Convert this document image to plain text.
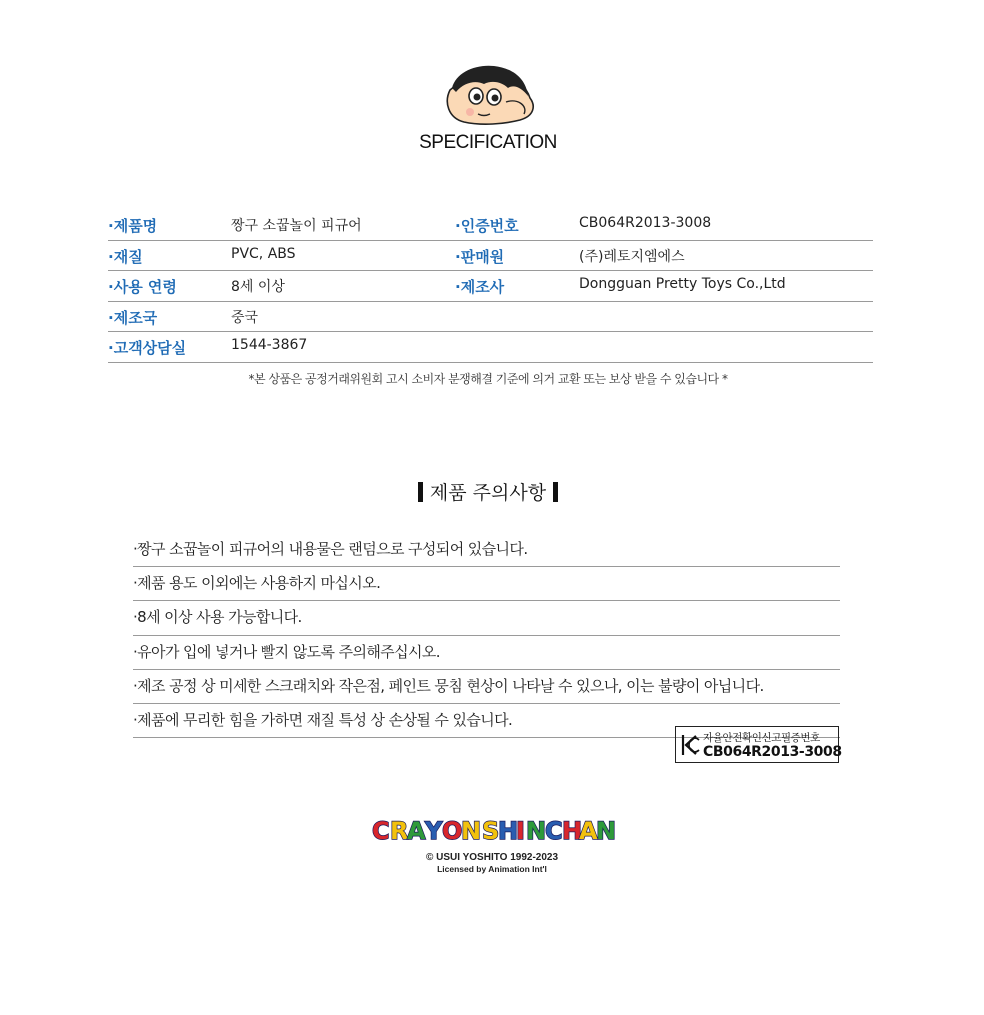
SPECIFICATION
·제품명	짱구 소꿉놀이 피규어	·인증번호	CB064R2013-3008
·재질	PVC, ABS	·판매원	(주)레토지엠에스
·사용 연령	8세 이상	·제조사	Dongguan Pretty Toys Co.,Ltd
·제조국	중국
·고객상담실	1544-3867
*본 상품은 공정거래위원회 고시 소비자 분쟁해결 기준에 의거 교환 또는 보상 받을 수 있습니다 *
제품 주의사항
·짱구 소꿉놀이 피규어의 내용물은 랜덤으로 구성되어 있습니다.
·제품 용도 이외에는 사용하지 마십시오.
·8세 이상 사용 가능합니다.
·유아가 입에 넣거나 빨지 않도록 주의해주십시오.
·제조 공정 상 미세한 스크래치와 작은점, 페인트 뭉침 현상이 나타날 수 있으나, 이는 불량이 아닙니다.
·제품에 무리한 힘을 가하면 재질 특성 상 손상될 수 있습니다.
자율안전확인신고필증번호
CB064R2013-3008
C R
A Y O
N S
H
I N
C H
A
N
© USUI YOSHITO 1992-2023
Licensed by Animation Int'l
